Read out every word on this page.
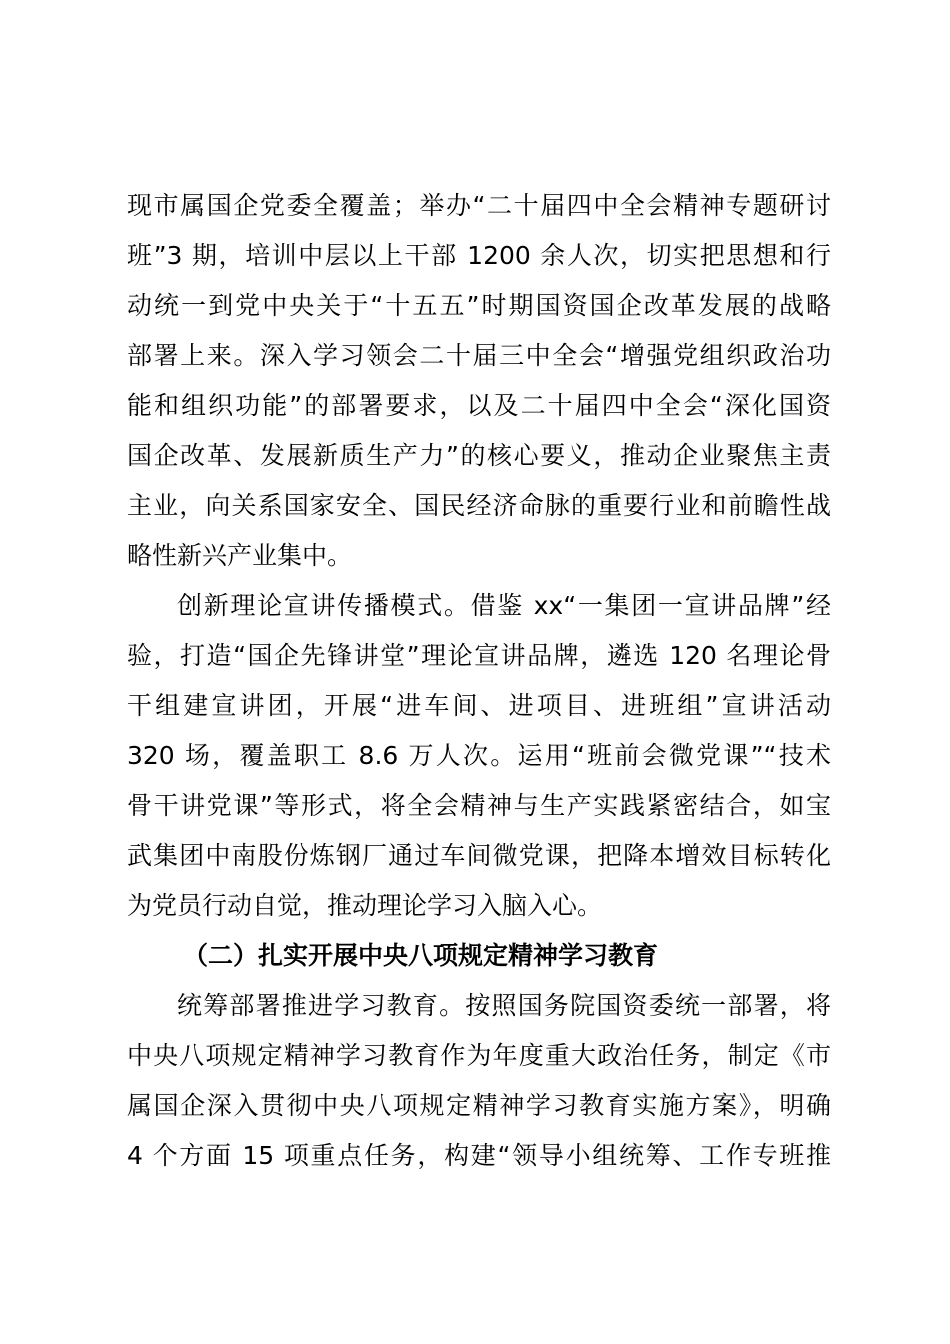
现市属国企党委全覆盖；举办“二十届四中全会精神专题研讨
班”3 期，培训中层以上干部 1200 余人次，切实把思想和行
动统一到党中央关于“十五五”时期国资国企改革发展的战略
部署上来。深入学习领会二十届三中全会“增强党组织政治功
能和组织功能”的部署要求，以及二十届四中全会“深化国资
国企改革、发展新质生产力”的核心要义，推动企业聚焦主责
主业，向关系国家安全、国民经济命脉的重要行业和前瞻性战
略性新兴产业集中。
创新理论宣讲传播模式。借鉴 xx“一集团一宣讲品牌”经
验，打造“国企先锋讲堂”理论宣讲品牌，遴选 120 名理论骨
干组建宣讲团，开展“进车间、进项目、进班组”宣讲活动
320 场，覆盖职工 8.6 万人次。运用“班前会微党课”“技术
骨干讲党课”等形式，将全会精神与生产实践紧密结合，如宝
武集团中南股份炼钢厂通过车间微党课，把降本增效目标转化
为党员行动自觉，推动理论学习入脑入心。
（二）扎实开展中央八项规定精神学习教育
统筹部署推进学习教育。按照国务院国资委统一部署，将
中央八项规定精神学习教育作为年度重大政治任务，制定《市
属国企深入贯彻中央八项规定精神学习教育实施方案》，明确
4 个方面 15 项重点任务，构建“领导小组统筹、工作专班推
